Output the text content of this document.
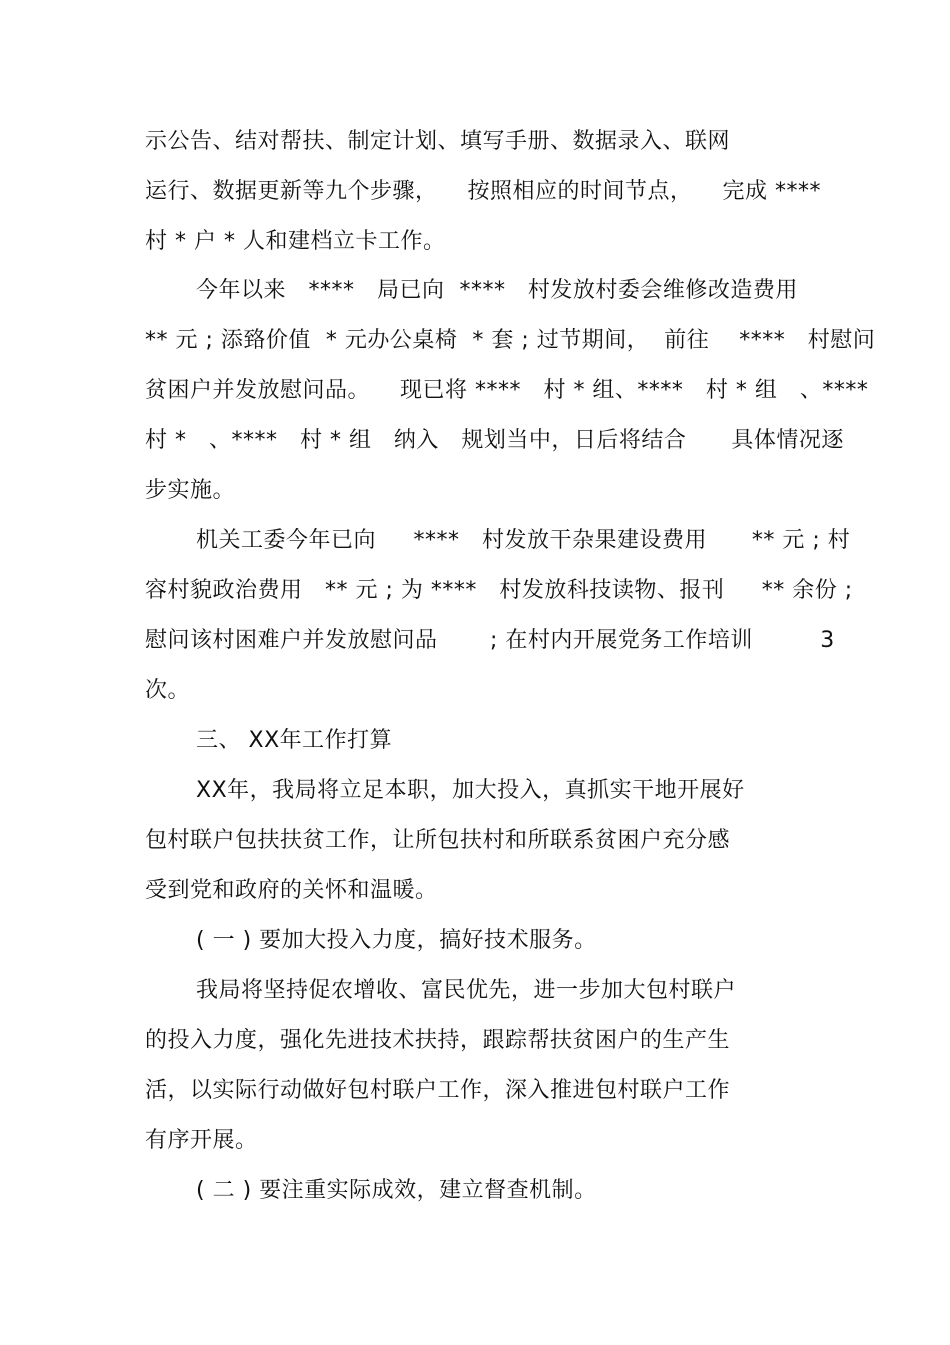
示公告、结对帮扶、制定计划、填写手册、数据录入、联网
运行、数据更新等九个步骤，    按照相应的时间节点，    完成 ****
村 * 户 * 人和建档立卡工作。
今年以来   ****   局已向  ****   村发放村委会维修改造费用
** 元 ; 添臵价值  * 元办公桌椅  * 套 ; 过节期间，  前往    ****   村慰问
贫困户并发放慰问品。    现已将 ****   村 * 组、****   村 * 组   、****
村 *   、****   村 * 组   纳入   规划当中，日后将结合      具体情况逐
步实施。
机关工委今年已向     ****   村发放干杂果建设费用      ** 元 ; 村
容村貌政治费用   ** 元 ; 为 ****   村发放科技读物、报刊     ** 余份 ;
慰问该村困难户并发放慰问品       ; 在村内开展党务工作培训         3
次。
三、 XX年工作打算
XX年，我局将立足本职，加大投入，真抓实干地开展好
包村联户包扶扶贫工作，让所包扶村和所联系贫困户充分感
受到党和政府的关怀和温暖。
( 一 ) 要加大投入力度，搞好技术服务。
我局将坚持促农增收、富民优先，进一步加大包村联户
的投入力度，强化先进技术扶持，跟踪帮扶贫困户的生产生
活，以实际行动做好包村联户工作，深入推进包村联户工作
有序开展。
( 二 ) 要注重实际成效，建立督查机制。
